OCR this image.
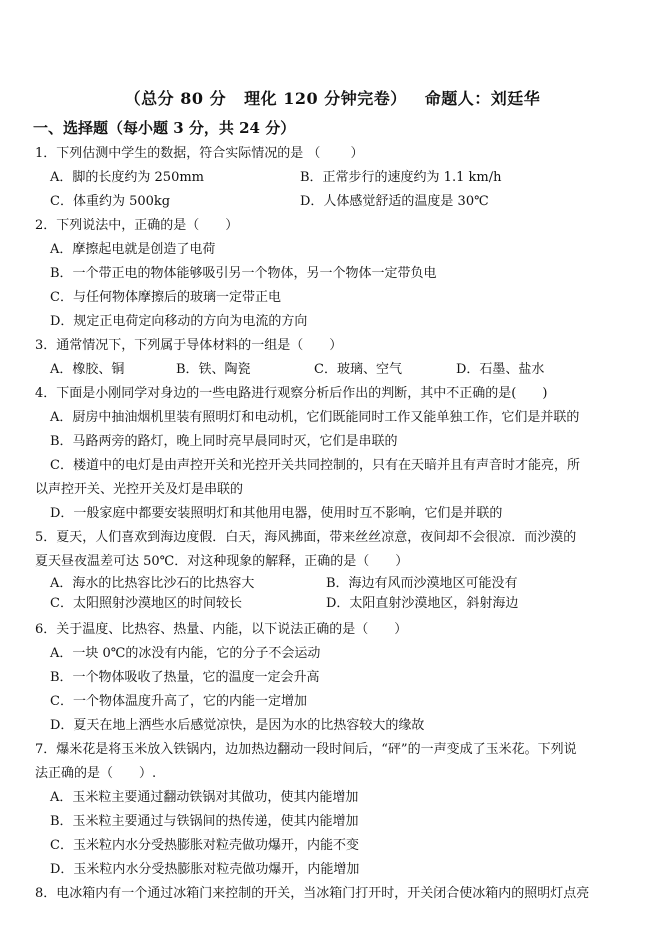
（总分 80 分 理化 120 分钟完卷） 命题人：刘廷华
一、选择题（每小题 3 分，共 24 分）
1．下列估测中学生的数据，符合实际情况的是 （ 　　）
A．脚的长度约为 250mm	B．正常步行的速度约为 1.1 km/h
C．体重约为 500kg	D．人体感觉舒适的温度是 30℃
2．下列说法中，正确的是（　　）
A．摩擦起电就是创造了电荷
B．一个带正电的物体能够吸引另一个物体，另一个物体一定带负电
C．与任何物体摩擦后的玻璃一定带正电
D．规定正电荷定向移动的方向为电流的方向
3．通常情况下，下列属于导体材料的一组是（　　）
A．橡胶、铜	B．铁、陶瓷	C．玻璃、空气	D．石墨、盐水
4．下面是小刚同学对身边的一些电路进行观察分析后作出的判断，其中不正确的是(　　)
A．厨房中抽油烟机里装有照明灯和电动机，它们既能同时工作又能单独工作，它们是并联的
B．马路两旁的路灯，晚上同时亮早晨同时灭，它们是串联的
C．楼道中的电灯是由声控开关和光控开关共同控制的，只有在天暗并且有声音时才能亮，所
以声控开关、光控开关及灯是串联的
D．一般家庭中都要安装照明灯和其他用电器，使用时互不影响，它们是并联的
5．夏天，人们喜欢到海边度假．白天，海风拂面，带来丝丝凉意，夜间却不会很凉．而沙漠的
夏天昼夜温差可达 50℃．对这种现象的解释，正确的是（　　）
A．海水的比热容比沙石的比热容大	B．海边有风而沙漠地区可能没有
C．太阳照射沙漠地区的时间较长	D．太阳直射沙漠地区，斜射海边
6．关于温度、比热容、热量、内能，以下说法正确的是（　　）
A．一块 0℃的冰没有内能，它的分子不会运动
B．一个物体吸收了热量，它的温度一定会升高
C．一个物体温度升高了，它的内能一定增加
D．夏天在地上洒些水后感觉凉快，是因为水的比热容较大的缘故
7．爆米花是将玉米放入铁锅内，边加热边翻动一段时间后，“砰”的一声变成了玉米花。下列说
法正确的是（　　）.
A．玉米粒主要通过翻动铁锅对其做功，使其内能增加
B．玉米粒主要通过与铁锅间的热传递，使其内能增加
C．玉米粒内水分受热膨胀对粒壳做功爆开，内能不变
D．玉米粒内水分受热膨胀对粒壳做功爆开，内能增加
8．电冰箱内有一个通过冰箱门来控制的开关，当冰箱门打开时，开关闭合使冰箱内的照明灯点亮
